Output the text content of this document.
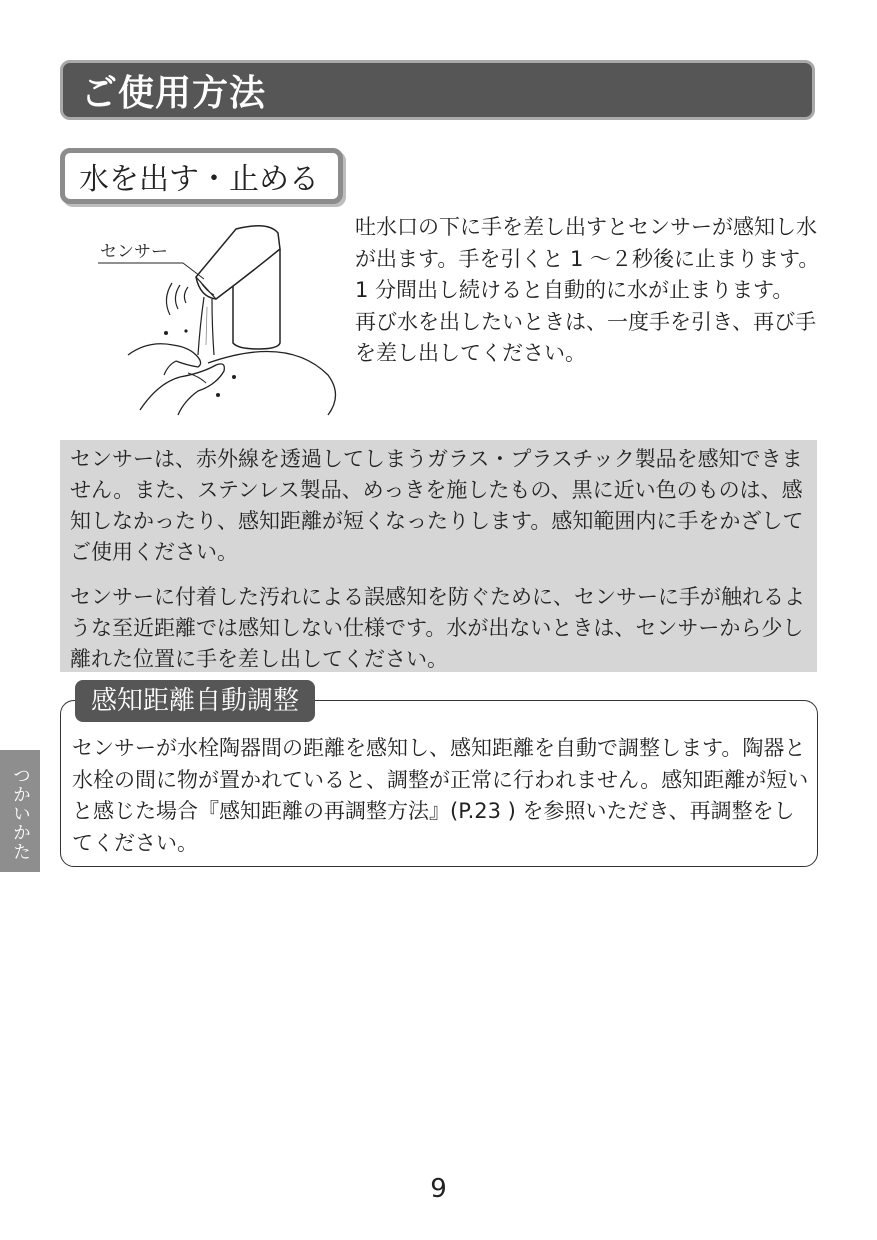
ご使用方法
水を出す・止める
センサー

吐水口の下に手を差し出すとセンサーが感知し水が出ます。手を引くと 1 ～２秒後に止まります。

1 分間出し続けると自動的に水が止まります。

再び水を出したいときは、一度手を引き、再び手を差し出してください。

センサーは、赤外線を透過してしまうガラス・プラスチック製品を感知できません。また、ステンレス製品、めっきを施したもの、黒に近い色のものは、感知しなかったり、感知距離が短くなったりします。感知範囲内に手をかざしてご使用ください。

センサーに付着した汚れによる誤感知を防ぐために、センサーに手が触れるような至近距離では感知しない仕様です。水が出ないときは、センサーから少し離れた位置に手を差し出してください。

感知距離自動調整

センサーが水栓陶器間の距離を感知し、感知距離を自動で調整します。陶器と水栓の間に物が置かれていると、調整が正常に行われません。感知距離が短いと感じた場合『感知距離の再調整方法』(P.23 ) を参照いただき、再調整をしてください。

つかいかた
9
